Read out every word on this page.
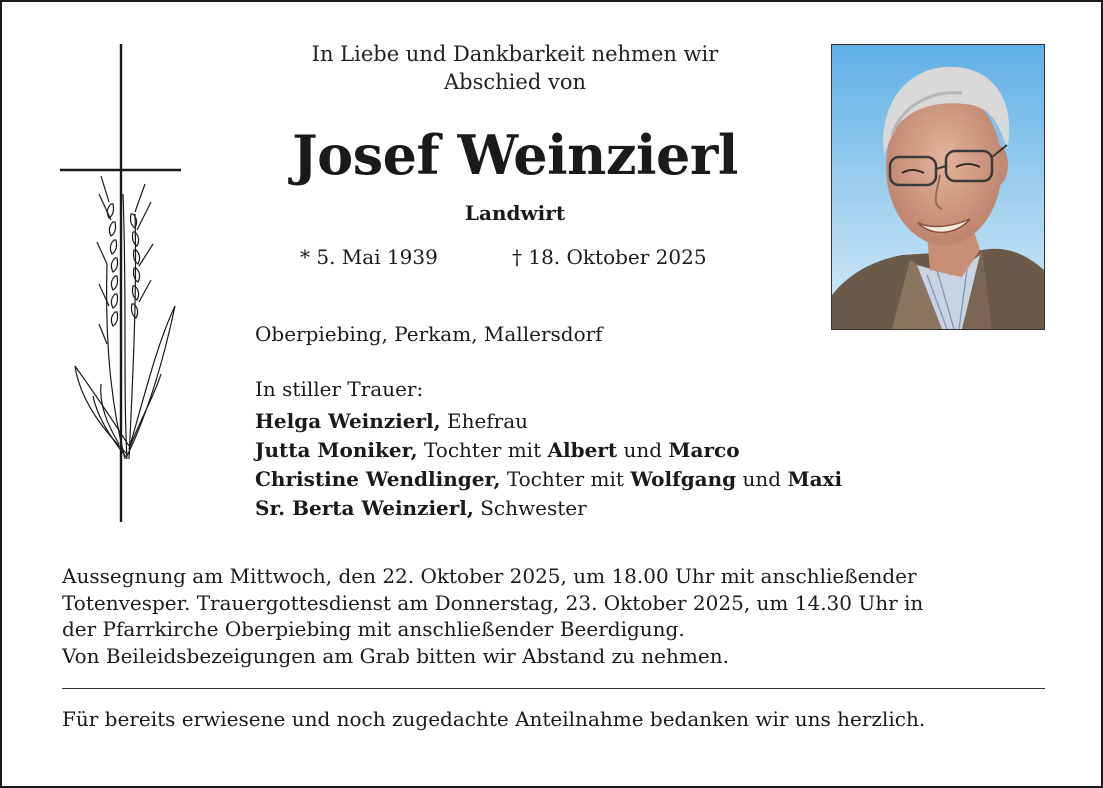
In Liebe und Dankbarkeit nehmen wir
Abschied von
Josef Weinzierl
Landwirt
* 5. Mai 1939	† 18. Oktober 2025
Oberpiebing, Perkam, Mallersdorf
In stiller Trauer:
Helga Weinzierl, Ehefrau
Jutta Moniker, Tochter mit Albert und Marco
Christine Wendlinger, Tochter mit Wolfgang und Maxi
Sr. Berta Weinzierl, Schwester
Aussegnung am Mittwoch, den 22. Oktober 2025, um 18.00 Uhr mit anschließender
Totenvesper. Trauergottesdienst am Donnerstag, 23. Oktober 2025, um 14.30 Uhr in
der Pfarrkirche Oberpiebing mit anschließender Beerdigung.
Von Beileidsbezeigungen am Grab bitten wir Abstand zu nehmen.
Für bereits erwiesene und noch zugedachte Anteilnahme bedanken wir uns herzlich.
